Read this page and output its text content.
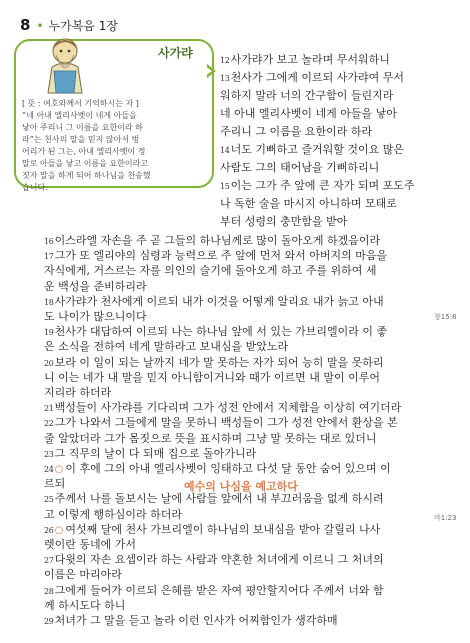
8 • 누가복음 1장
사가랴
[ 뜻 : 여호와께서 기억하시는 자 ]
“네 아내 엘리사벳이 네게 아들을
낳아 주리니 그 이름을 요한이라 하
라”는 천사의 말을 믿지 않아서 벙
어리가 된 그는, 아내 엘리사벳이 정
말로 아들을 낳고 이름을 요한이라고
짓자 말을 하게 되어 하나님을 찬송했
습니다.
12사가랴가 보고 놀라며 무서워하니
13천사가 그에게 이르되 사가랴여 무서
워하지 말라 너의 간구함이 들린지라
네 아내 엘리사벳이 네게 아들을 낳아
주리니 그 이름을 요한이라 하라
14너도 기뻐하고 즐거워할 것이요 많은
사람도 그의 태어남을 기뻐하리니
15이는 그가 주 앞에 큰 자가 되며 포도주
나 독한 술을 마시지 아니하며 모태로
부터 성령의 충만함을 받아
16이스라엘 자손을 주 곧 그들의 하나님께로 많이 돌아오게 하겠음이라
17그가 또 엘리야의 심령과 능력으로 주 앞에 먼저 와서 아버지의 마음을
자식에게, 거스르는 자를 의인의 슬기에 돌아오게 하고 주를 위하여 세
운 백성을 준비하리라
18사가랴가 천사에게 이르되 내가 이것을 어떻게 알리요 내가 늙고 아내
도 나이가 많으니이다
19천사가 대답하여 이르되 나는 하나님 앞에 서 있는 가브리엘이라 이 좋
은 소식을 전하여 네게 말하라고 보내심을 받았노라
20보라 이 일이 되는 날까지 네가 말 못하는 자가 되어 능히 말을 못하리
니 이는 네가 내 말을 믿지 아니함이거니와 때가 이르면 내 말이 이루어
지리라 하더라
21백성들이 사가랴를 기다리며 그가 성전 안에서 지체함을 이상히 여기더라
22그가 나와서 그들에게 말을 못하니 백성들이 그가 성전 안에서 환상을 본
줄 알았더라 그가 몸짓으로 뜻을 표시하며 그냥 말 못하는 대로 있더니
23그 직무의 날이 다 되매 집으로 돌아가니라
24○ 이 후에 그의 아내 엘리사벳이 잉태하고 다섯 달 동안 숨어 있으며 이
르되
25주께서 나를 돌보시는 날에 사람들 앞에서 내 부끄러움을 없게 하시려
고 이렇게 행하심이라 하더라
26○ 여섯째 달에 천사 가브리엘이 하나님의 보내심을 받아 갈릴리 나사
렛이란 동네에 가서
27다윗의 자손 요셉이라 하는 사람과 약혼한 처녀에게 이르니 그 처녀의
이름은 마리아라
28그에게 들어가 이르되 은혜를 받은 자여 평안할지어다 주께서 너와 함
께 하시도다 하니
29처녀가 그 말을 듣고 놀라 이런 인사가 어찌함인가 생각하매
창15:8
마1:23
예수의 나심을 예고하다
